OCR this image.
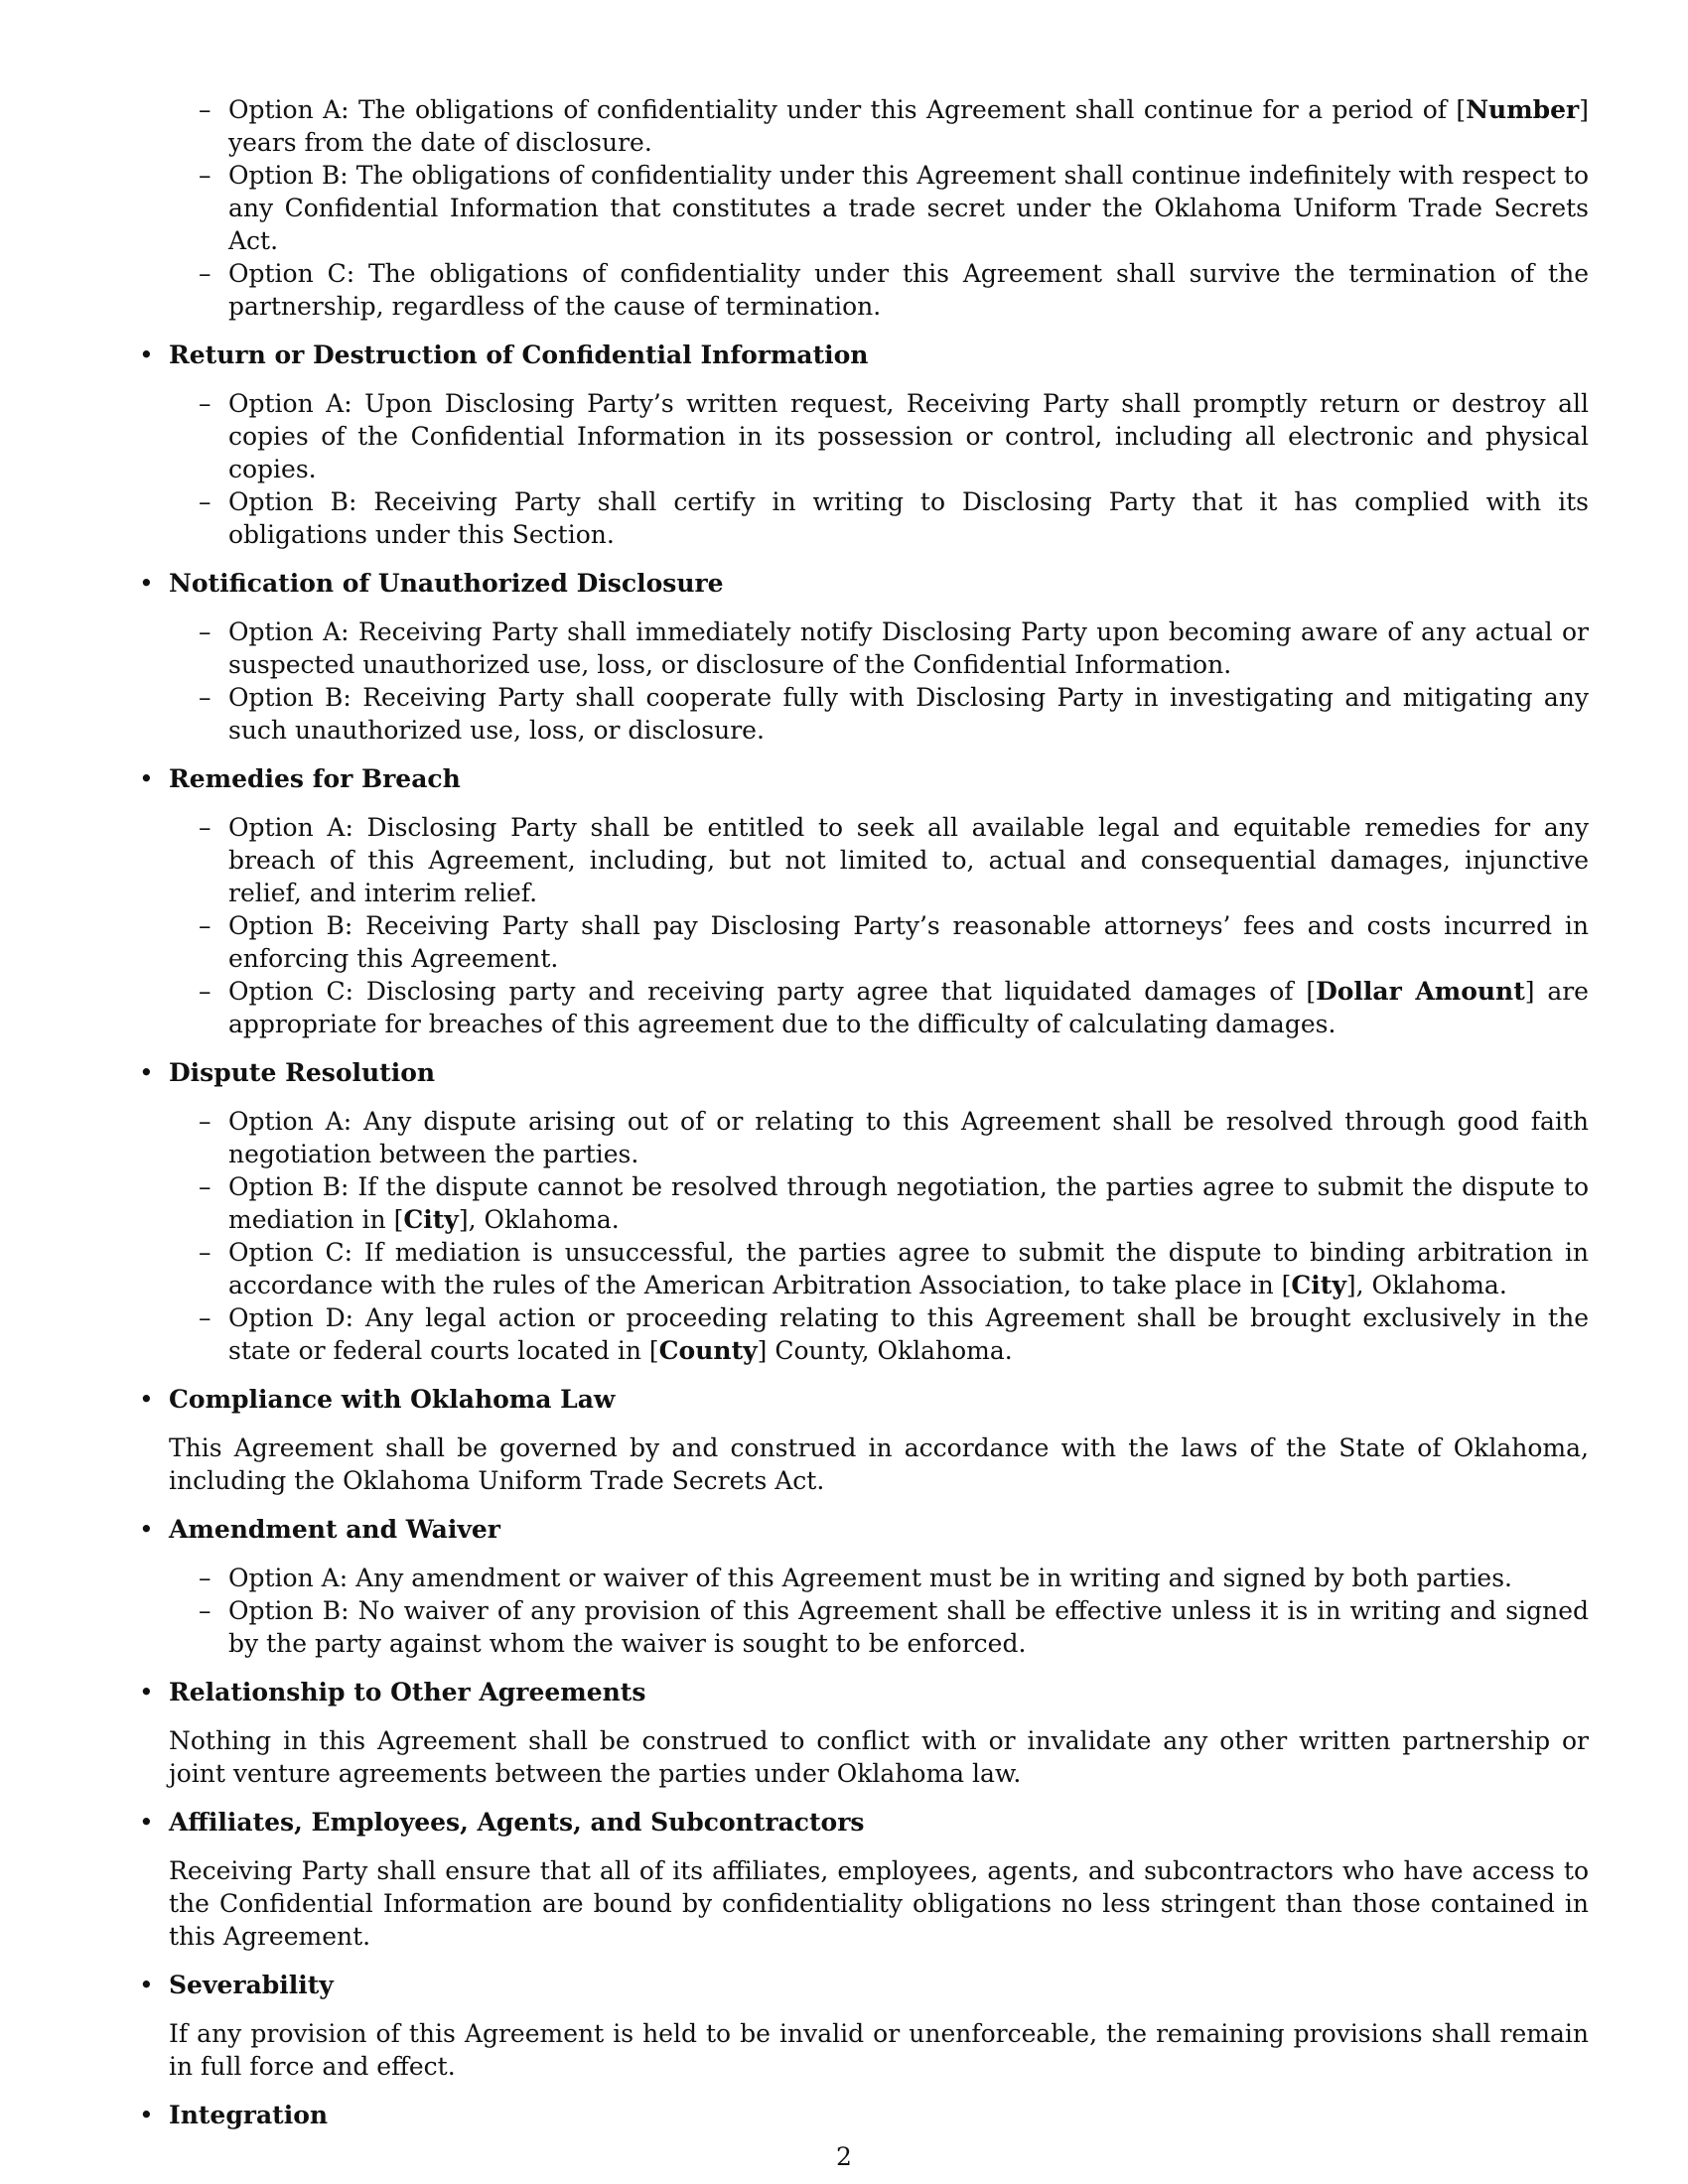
– Option A: The obligations of confidentiality under this Agreement shall continue for a period of [Number] years from the date of disclosure.
– Option B: The obligations of confidentiality under this Agreement shall continue indefinitely with respect to any Confidential Information that constitutes a trade secret under the Oklahoma Uniform Trade Secrets Act.
– Option C: The obligations of confidentiality under this Agreement shall survive the termination of the partnership, regardless of the cause of termination.
• Return or Destruction of Confidential Information
– Option A: Upon Disclosing Party’s written request, Receiving Party shall promptly return or destroy all copies of the Confidential Information in its possession or control, including all electronic and physical copies.
– Option B: Receiving Party shall certify in writing to Disclosing Party that it has complied with its obligations under this Section.
• Notification of Unauthorized Disclosure
– Option A: Receiving Party shall immediately notify Disclosing Party upon becoming aware of any actual or suspected unauthorized use, loss, or disclosure of the Confidential Information.
– Option B: Receiving Party shall cooperate fully with Disclosing Party in investigating and mitigating any such unauthorized use, loss, or disclosure.
• Remedies for Breach
– Option A: Disclosing Party shall be entitled to seek all available legal and equitable remedies for any breach of this Agreement, including, but not limited to, actual and consequential damages, injunctive relief, and interim relief.
– Option B: Receiving Party shall pay Disclosing Party’s reasonable attorneys’ fees and costs incurred in enforcing this Agreement.
– Option C: Disclosing party and receiving party agree that liquidated damages of [Dollar Amount] are appropriate for breaches of this agreement due to the difficulty of calculating damages.
• Dispute Resolution
– Option A: Any dispute arising out of or relating to this Agreement shall be resolved through good faith negotiation between the parties.
– Option B: If the dispute cannot be resolved through negotiation, the parties agree to submit the dispute to mediation in [City], Oklahoma.
– Option C: If mediation is unsuccessful, the parties agree to submit the dispute to binding arbitration in accordance with the rules of the American Arbitration Association, to take place in [City], Oklahoma.
– Option D: Any legal action or proceeding relating to this Agreement shall be brought exclusively in the state or federal courts located in [County] County, Oklahoma.
• Compliance with Oklahoma Law

This Agreement shall be governed by and construed in accordance with the laws of the State of Oklahoma, including the Oklahoma Uniform Trade Secrets Act.

• Amendment and Waiver
– Option A: Any amendment or waiver of this Agreement must be in writing and signed by both parties.
– Option B: No waiver of any provision of this Agreement shall be effective unless it is in writing and signed by the party against whom the waiver is sought to be enforced.
• Relationship to Other Agreements

Nothing in this Agreement shall be construed to conflict with or invalidate any other written partnership or joint venture agreements between the parties under Oklahoma law.

• Affiliates, Employees, Agents, and Subcontractors

Receiving Party shall ensure that all of its affiliates, employees, agents, and subcontractors who have access to the Confidential Information are bound by confidentiality obligations no less stringent than those contained in this Agreement.

• Severability

If any provision of this Agreement is held to be invalid or unenforceable, the remaining provisions shall remain in full force and effect.

• Integration
2
